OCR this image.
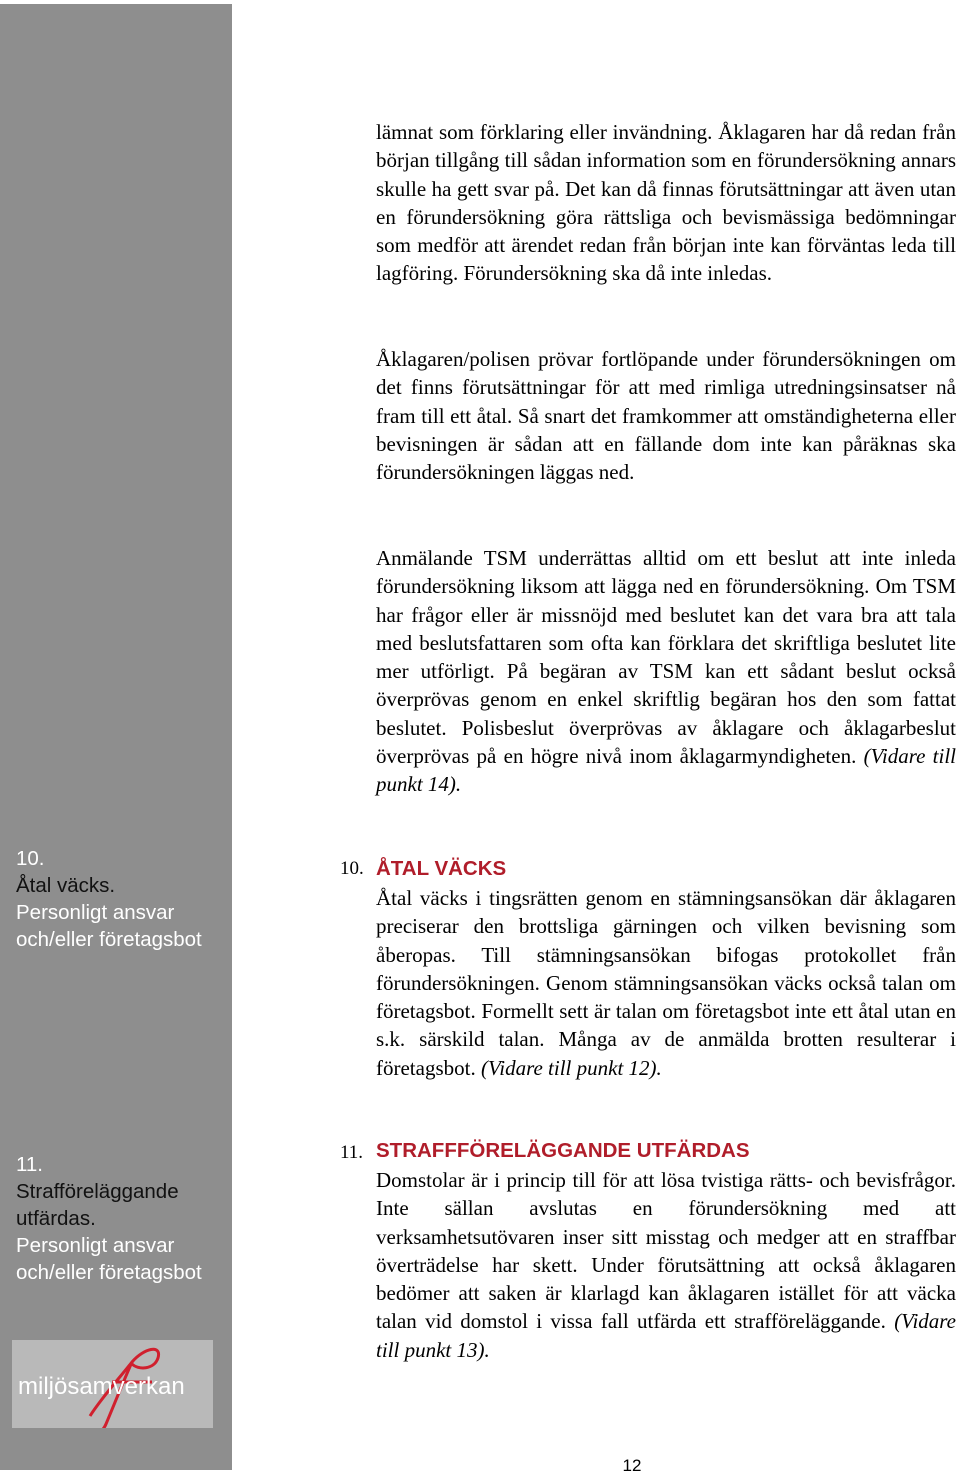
10.
Åtal väcks.
Personligt ansvar och/eller företagsbot
11.
Strafföreläggande utfärdas.
Personligt ansvar och/eller företagsbot
miljösamverkan

lämnat som förklaring eller invändning. Åklagaren har då redan från början tillgång till sådan information som en förundersökning annars skulle ha gett svar på. Det kan då finnas förutsättningar att även utan en förundersökning göra rättsliga och bevismässiga bedömningar som medför att ärendet redan från början inte kan förväntas leda till lagföring. Förundersökning ska då inte inledas.

Åklagaren/polisen prövar fortlöpande under förundersökningen om det finns förutsättningar för att med rimliga utredningsinsatser nå fram till ett åtal. Så snart det framkommer att omständigheterna eller bevisningen är sådan att en fällande dom inte kan påräknas ska förundersökningen läggas ned.

Anmälande TSM underrättas alltid om ett beslut att inte inleda förundersökning liksom att lägga ned en förundersökning. Om TSM har frågor eller är missnöjd med beslutet kan det vara bra att tala med beslutsfattaren som ofta kan förklara det skriftliga beslutet lite mer utförligt. På begäran av TSM kan ett sådant beslut också överprövas genom en enkel skriftlig begäran hos den som fattat beslutet. Polisbeslut överprövas av åklagare och åklagarbeslut överprövas på en högre nivå inom åklagarmyndigheten. (Vidare till punkt 14).

10. ÅTAL VÄCKS

Åtal väcks i tingsrätten genom en stämningsansökan där åklagaren preciserar den brottsliga gärningen och vilken bevisning som åberopas. Till stämningsansökan bifogas protokollet från förundersökningen. Genom stämningsansökan väcks också talan om företagsbot. Formellt sett är talan om företagsbot inte ett åtal utan en s.k. särskild talan. Många av de anmälda brotten resulterar i företagsbot. (Vidare till punkt 12).

11. STRAFFFÖRELÄGGANDE UTFÄRDAS

Domstolar är i princip till för att lösa tvistiga rätts- och bevisfrågor. Inte sällan avslutas en förundersökning med att verksamhetsutövaren inser sitt misstag och medger att en straffbar överträdelse har skett. Under förutsättning att också åklagaren bedömer att saken är klarlagd kan åklagaren istället för att väcka talan vid domstol i vissa fall utfärda ett strafföreläggande. (Vidare till punkt 13).

12
